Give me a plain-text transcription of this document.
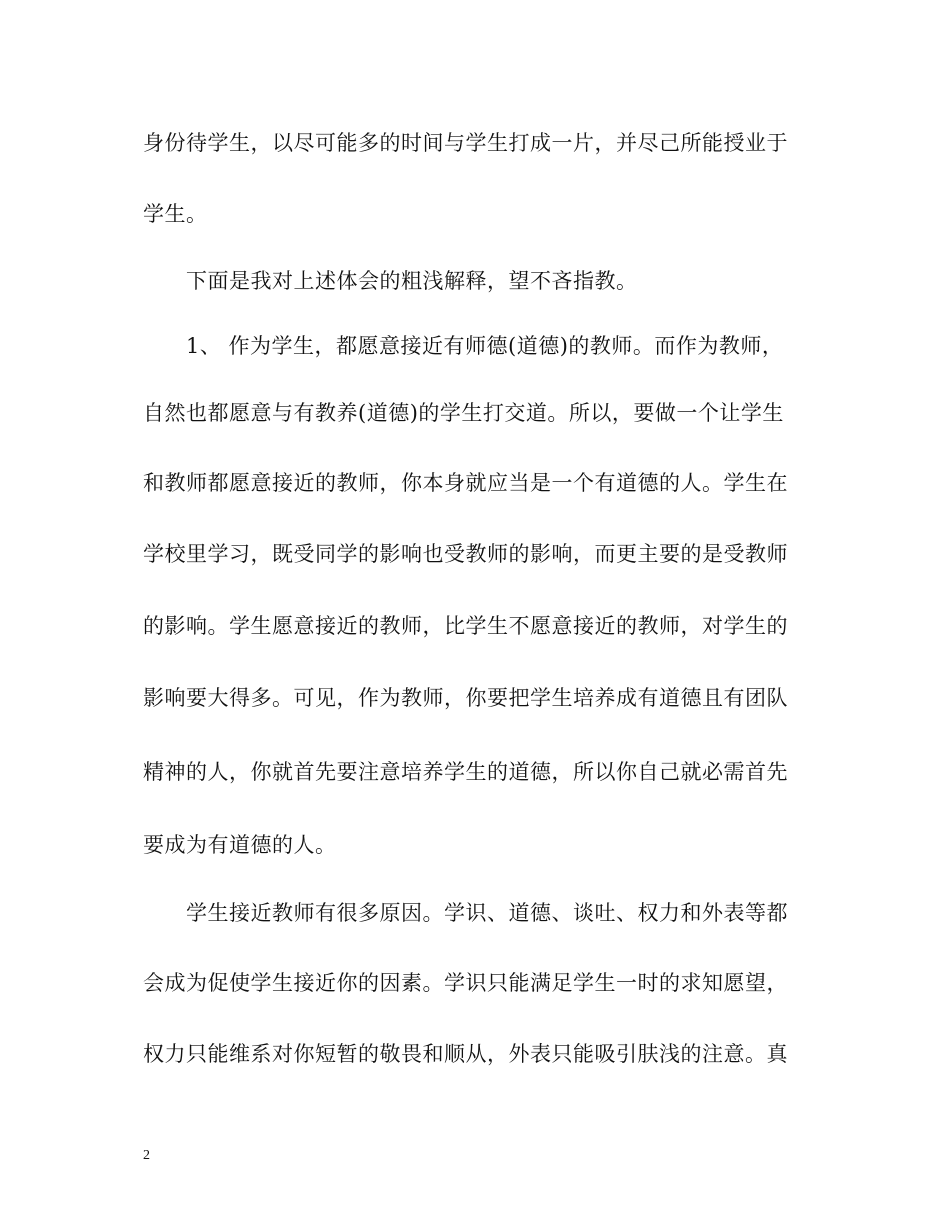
身份待学生，以尽可能多的时间与学生打成一片，并尽己所能授业于
学生。
下面是我对上述体会的粗浅解释，望不吝指教。
1、 作为学生，都愿意接近有师德(道德)的教师。而作为教师，
自然也都愿意与有教养(道德)的学生打交道。所以，要做一个让学生
和教师都愿意接近的教师，你本身就应当是一个有道德的人。学生在
学校里学习，既受同学的影响也受教师的影响，而更主要的是受教师
的影响。学生愿意接近的教师，比学生不愿意接近的教师，对学生的
影响要大得多。可见，作为教师，你要把学生培养成有道德且有团队
精神的人，你就首先要注意培养学生的道德，所以你自己就必需首先
要成为有道德的人。
学生接近教师有很多原因。学识、道德、谈吐、权力和外表等都
会成为促使学生接近你的因素。学识只能满足学生一时的求知愿望，
权力只能维系对你短暂的敬畏和顺从，外表只能吸引肤浅的注意。真
2
